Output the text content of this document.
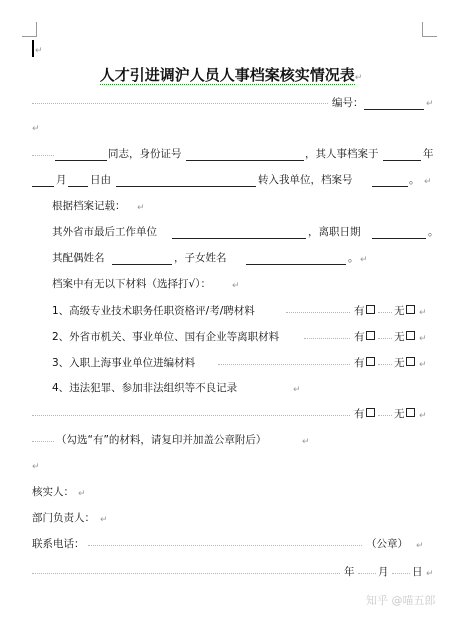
↵
人才引进调沪人员人事档案核实情况表↵
编号：	↵
↵
同志，身份证号	，其人事档案于	年
月 日由	转入我单位，档案号	。 ↵
根据档案记载： ↵
其外省市最后工作单位	，离职日期	。
其配偶姓名	，子女姓名	。 ↵
档案中有无以下材料（选择打√）： ↵
1、高级专业技术职务任职资格评/考/聘材料	有	无	↵
2、外省市机关、事业单位、国有企业等离职材料	有	无	↵
3、入职上海事业单位进编材料	有	无	↵
4、违法犯罪、参加非法组织等不良记录	↵
有	无	↵
（勾选“有”的材料，请复印并加盖公章附后）	↵
↵
核实人： ↵
部门负责人： ↵
联系电话：	（公章） ↵
年 月 日 ↵
知乎 @喵五郎
